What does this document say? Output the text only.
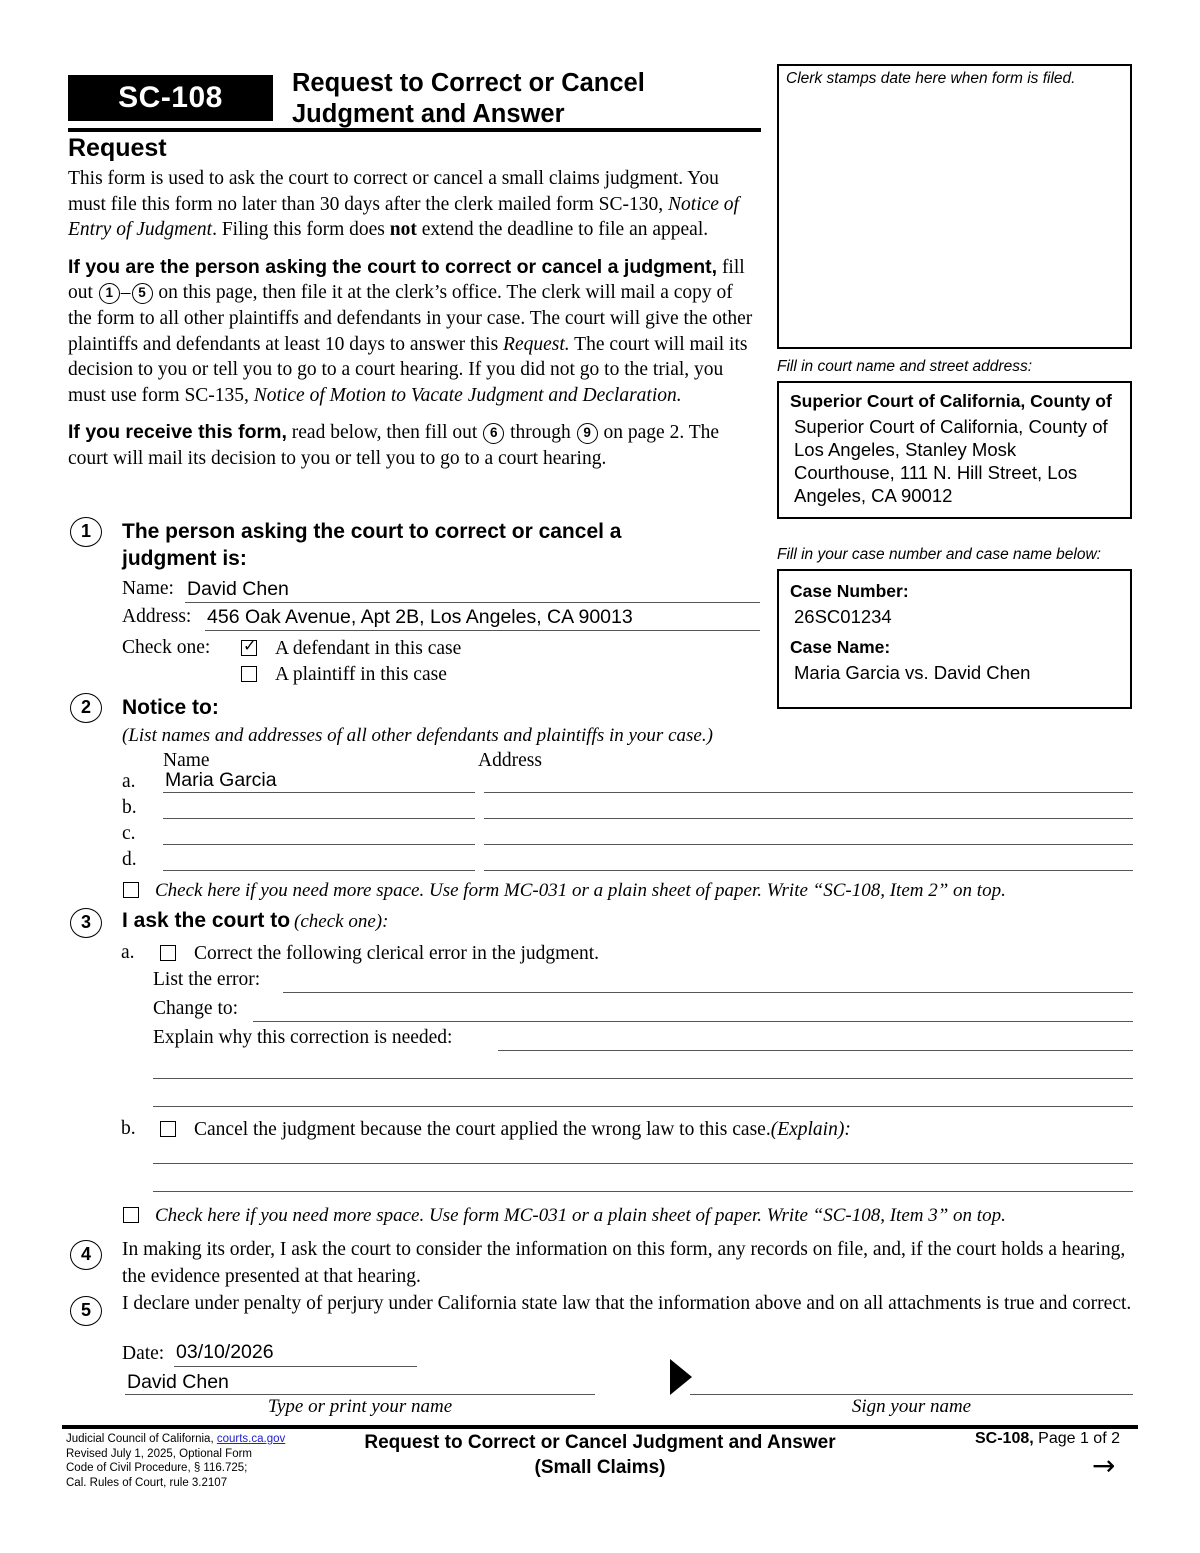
SC-108	Request to Correct or Cancel
Judgment and Answer
Request

This form is used to ask the court to correct or cancel a small claims judgment. You must file this form no later than 30 days after the clerk mailed form SC-130, Notice of Entry of Judgment. Filing this form does not extend the deadline to file an appeal.

If you are the person asking the court to correct or cancel a judgment, fill out 1 – 5 on this page, then file it at the clerk’s office. The clerk will mail a copy of the form to all other plaintiffs and defendants in your case. The court will give the other plaintiffs and defendants at least 10 days to answer this Request. The court will mail its decision to you or tell you to go to a court hearing. If you did not go to the trial, you must use form SC-135, Notice of Motion to Vacate Judgment and Declaration.

If you receive this form, read below, then fill out 6 through 9 on page 2. The court will mail its decision to you or tell you to go to a court hearing.

Clerk stamps date here when form is filed.
Fill in court name and street address:
Superior Court of California, County of
Superior Court of California, County of Los Angeles, Stanley Mosk Courthouse, 111 N. Hill Street, Los Angeles, CA 90012
Fill in your case number and case name below:
Case Number:
26SC01234
Case Name:
Maria Garcia vs. David Chen
1	The person asking the court to correct or cancel a
judgment is:
Name: David Chen
Address: 456 Oak Avenue, Apt 2B, Los Angeles, CA 90013
Check one: ✓	A defendant in this case
A plaintiff in this case
2	Notice to:
(List names and addresses of all other defendants and plaintiffs in your case.)
Name	Address
a. Maria Garcia
b.
c.
d.
Check here if you need more space. Use form MC-031 or a plain sheet of paper. Write “SC-108, Item 2” on top.
3	I ask the court to (check one):
a.	Correct the following clerical error in the judgment.
List the error:
Change to:
Explain why this correction is needed:
b.	Cancel the judgment because the court applied the wrong law to this case.(Explain):
Check here if you need more space. Use form MC-031 or a plain sheet of paper. Write “SC-108, Item 3” on top.
4	In making its order, I ask the court to consider the information on this form, any records on file, and, if the court holds a hearing, the evidence presented at that hearing.
5	I declare under penalty of perjury under California state law that the information above and on all attachments is true and correct.
Date: 03/10/2026
David Chen
Type or print your name	Sign your name
Judicial Council of California, courts.ca.gov
Revised July 1, 2025, Optional Form
Code of Civil Procedure, § 116.725;
Cal. Rules of Court, rule 3.2107
Request to Correct or Cancel Judgment and Answer
(Small Claims)
SC-108, Page 1 of 2
→
